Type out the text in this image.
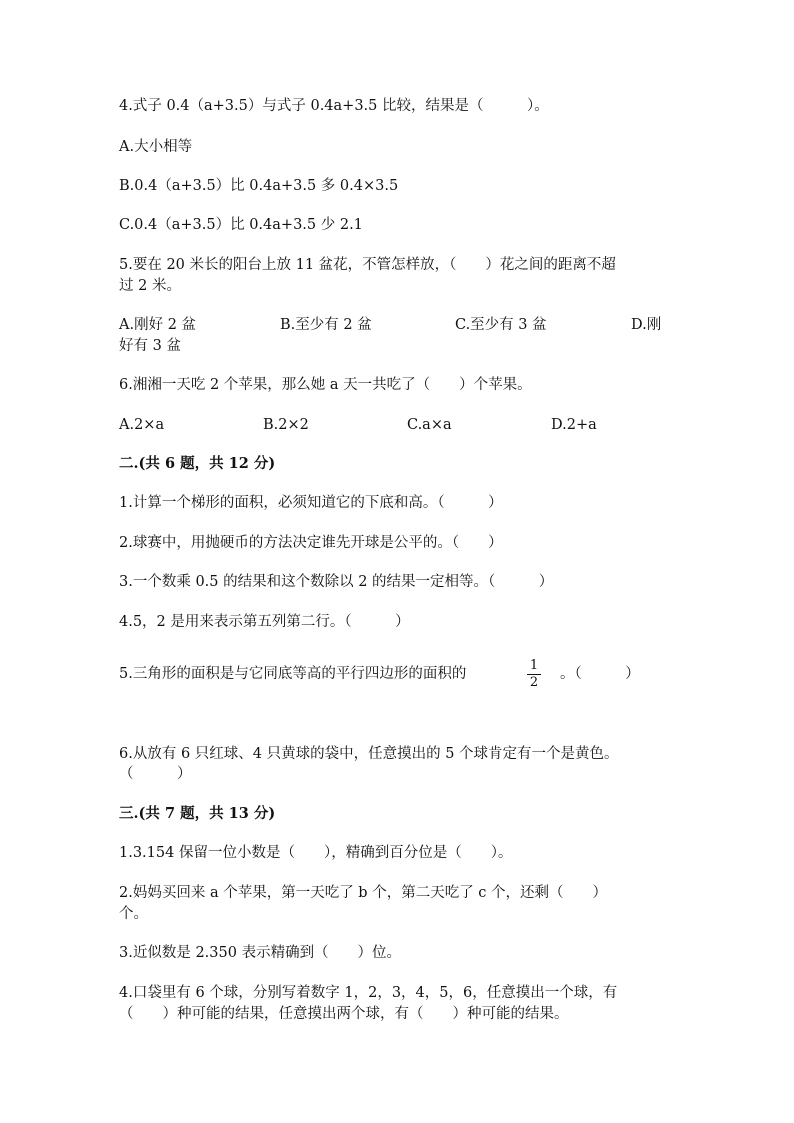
4.式子 0.4（a+3.5）与式子 0.4a+3.5 比较，结果是（　　　）。
A.大小相等
B.0.4（a+3.5）比 0.4a+3.5 多 0.4×3.5
C.0.4（a+3.5）比 0.4a+3.5 少 2.1
5.要在 20 米长的阳台上放 11 盆花，不管怎样放，（　　）花之间的距离不超
过 2 米。
A.刚好 2 盆	B.至少有 2 盆	C.至少有 3 盆	D.刚
好有 3 盆
6.湘湘一天吃 2 个苹果，那么她 a 天一共吃了（　　）个苹果。
A.2×a	B.2×2	C.a×a	D.2+a
二.(共 6 题，共 12 分)
1.计算一个梯形的面积，必须知道它的下底和高。（　　　）
2.球赛中，用抛硬币的方法决定谁先开球是公平的。（　　）
3.一个数乘 0.5 的结果和这个数除以 2 的结果一定相等。（　　　）
4.5，2 是用来表示第五列第二行。（　　　）
5.三角形的面积是与它同底等高的平行四边形的面积的
1
2
。（　　　）
6.从放有 6 只红球、4 只黄球的袋中，任意摸出的 5 个球肯定有一个是黄色。
（　　　）
三.(共 7 题，共 13 分)
1.3.154 保留一位小数是（　　），精确到百分位是（　　）。
2.妈妈买回来 a 个苹果，第一天吃了 b 个，第二天吃了 c 个，还剩（　　）
个。
3.近似数是 2.350 表示精确到（　　）位。
4.口袋里有 6 个球，分别写着数字 1，2，3，4，5，6，任意摸出一个球，有
（　　）种可能的结果，任意摸出两个球，有（　　）种可能的结果。
